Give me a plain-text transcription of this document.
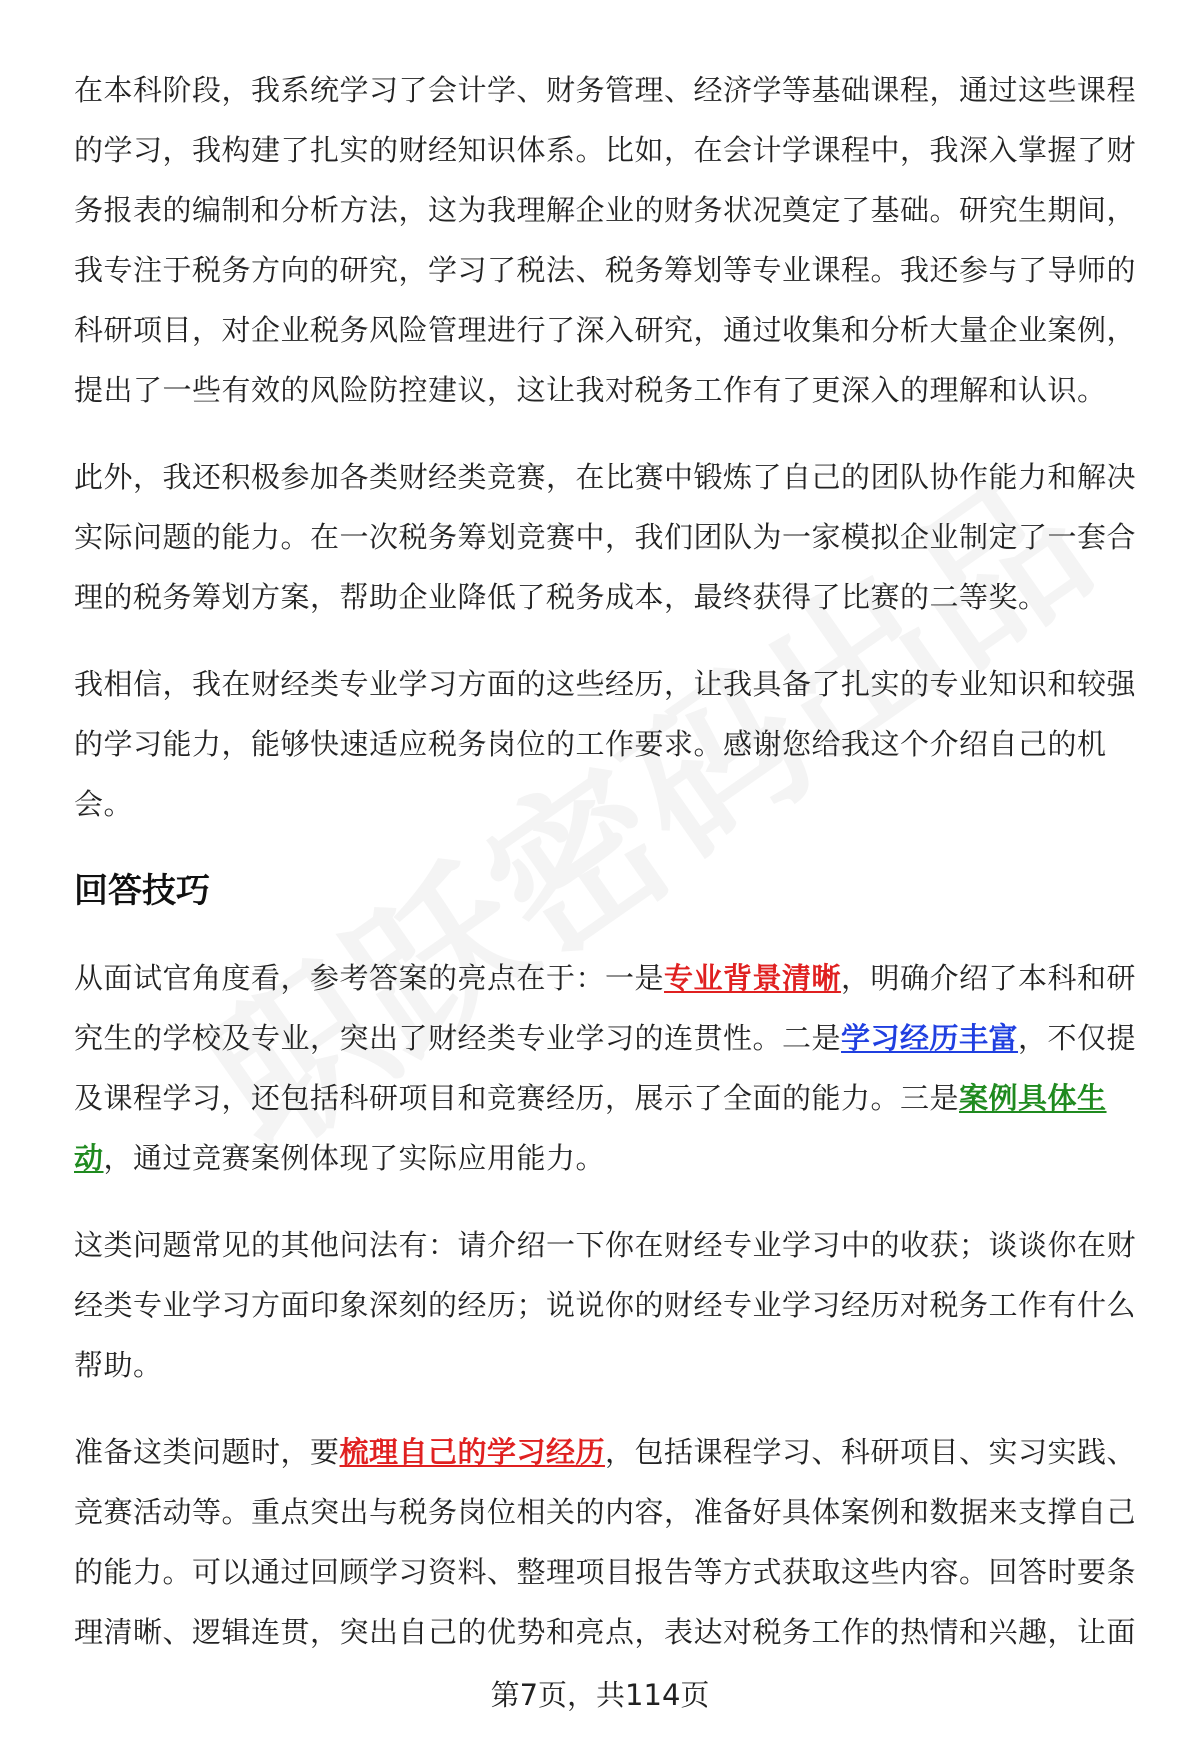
在本科阶段，我系统学习了会计学、财务管理、经济学等基础课程，通过这些课程的学习，我构建了扎实的财经知识体系。比如，在会计学课程中，我深入掌握了财务报表的编制和分析方法，这为我理解企业的财务状况奠定了基础。研究生期间，我专注于税务方向的研究，学习了税法、税务筹划等专业课程。我还参与了导师的科研项目，对企业税务风险管理进行了深入研究，通过收集和分析大量企业案例，提出了一些有效的风险防控建议，这让我对税务工作有了更深入的理解和认识。

此外，我还积极参加各类财经类竞赛，在比赛中锻炼了自己的团队协作能力和解决实际问题的能力。在一次税务筹划竞赛中，我们团队为一家模拟企业制定了一套合理的税务筹划方案，帮助企业降低了税务成本，最终获得了比赛的二等奖。

我相信，我在财经类专业学习方面的这些经历，让我具备了扎实的专业知识和较强的学习能力，能够快速适应税务岗位的工作要求。感谢您给我这个介绍自己的机会。

回答技巧

从面试官角度看，参考答案的亮点在于：一是专业背景清晰，明确介绍了本科和研究生的学校及专业，突出了财经类专业学习的连贯性。二是学习经历丰富，不仅提及课程学习，还包括科研项目和竞赛经历，展示了全面的能力。三是案例具体生动，通过竞赛案例体现了实际应用能力。

这类问题常见的其他问法有：请介绍一下你在财经专业学习中的收获；谈谈你在财经类专业学习方面印象深刻的经历；说说你的财经专业学习经历对税务工作有什么帮助。

准备这类问题时，要梳理自己的学习经历，包括课程学习、科研项目、实习实践、竞赛活动等。重点突出与税务岗位相关的内容，准备好具体案例和数据来支撑自己的能力。可以通过回顾学习资料、整理项目报告等方式获取这些内容。回答时要条理清晰、逻辑连贯，突出自己的优势和亮点，表达对税务工作的热情和兴趣，让面

第7页，共114页
